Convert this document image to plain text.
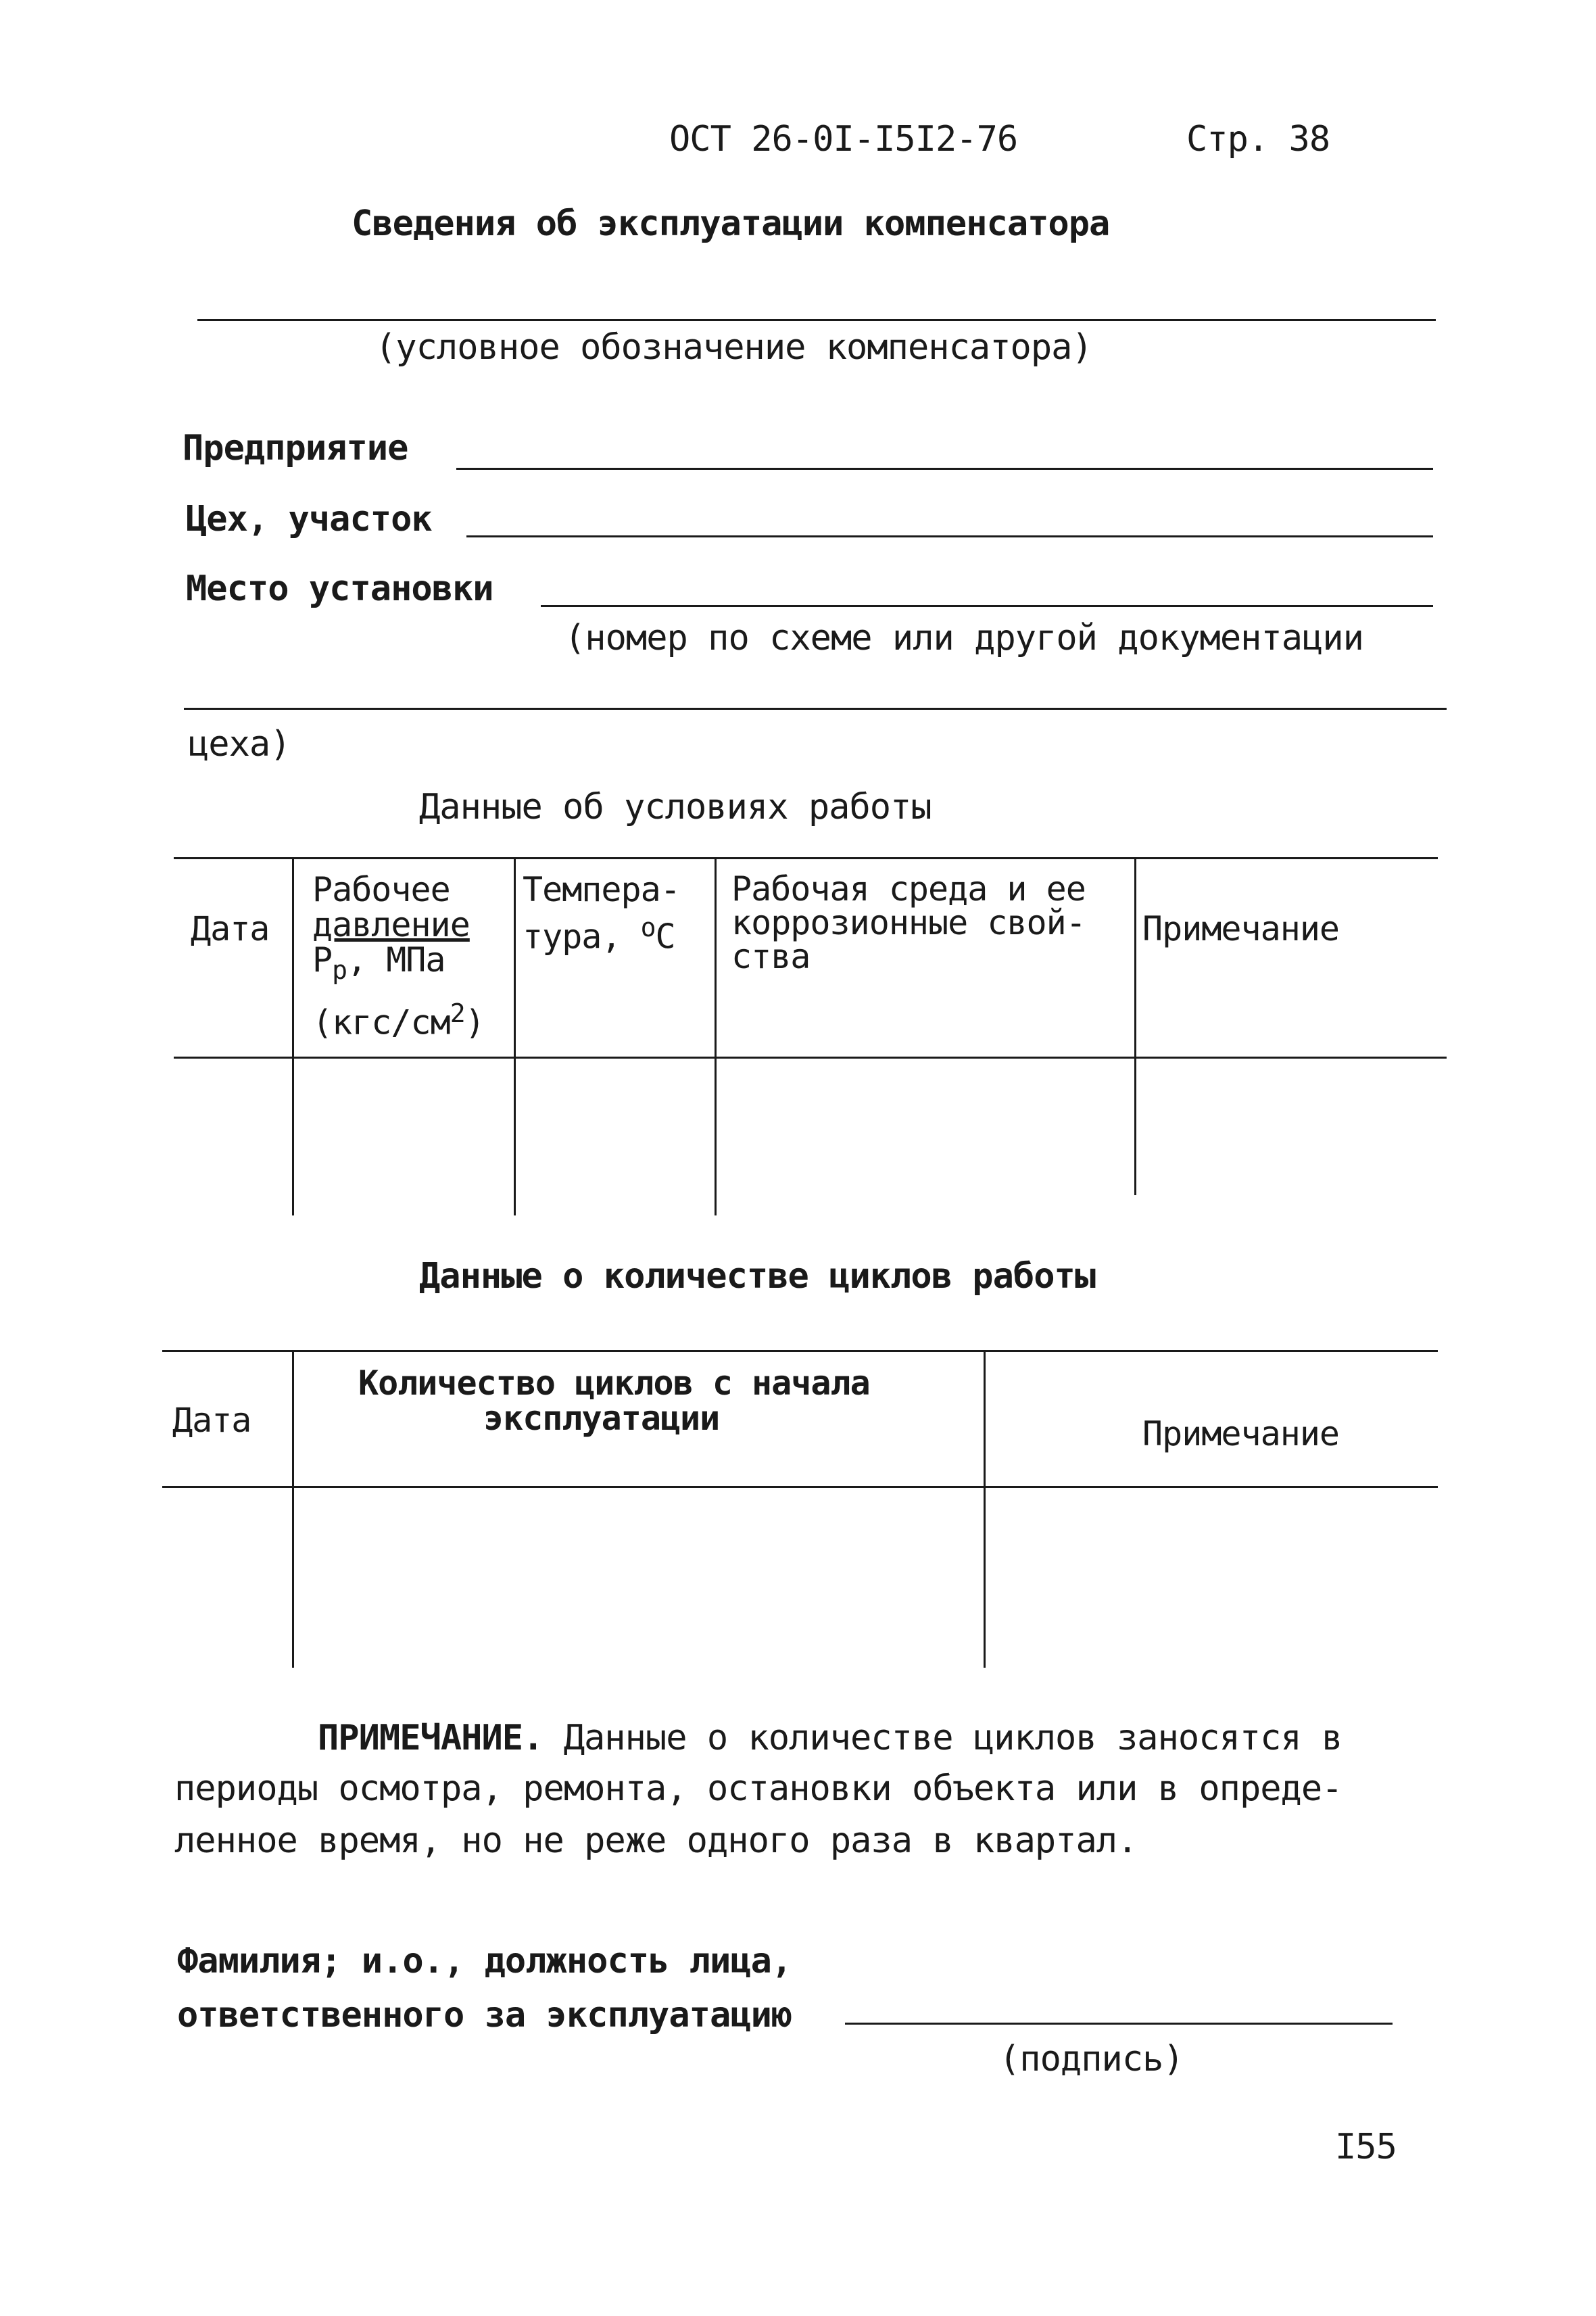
ОСТ 26-0I-I5I2-76	Стр. 38
Сведения об эксплуатации компенсатора
(условное обозначение компенсатора)
Предприятие
Цех, участок
Место установки
(номер по схеме или другой документации
цеха)
Данные об условиях работы
Дата
Рабочее
давление
$P_р$, МПа
$(кгс/см^2)$
Темпера-
тура, $^о$С
Рабочая среда и ее
коррозионные свой-
ства
Примечание
Данные о количестве циклов работы
Дата
Количество циклов с начала
эксплуатации	Примечание
ПРИМЕЧАНИЕ. Данные о количестве циклов заносятся в
периоды осмотра, ремонта, остановки объекта или в опреде-
ленное время, но не реже одного раза в квартал.
Фамилия; и.о., должность лица,
ответственного за эксплуатацию
(подпись)
I55
